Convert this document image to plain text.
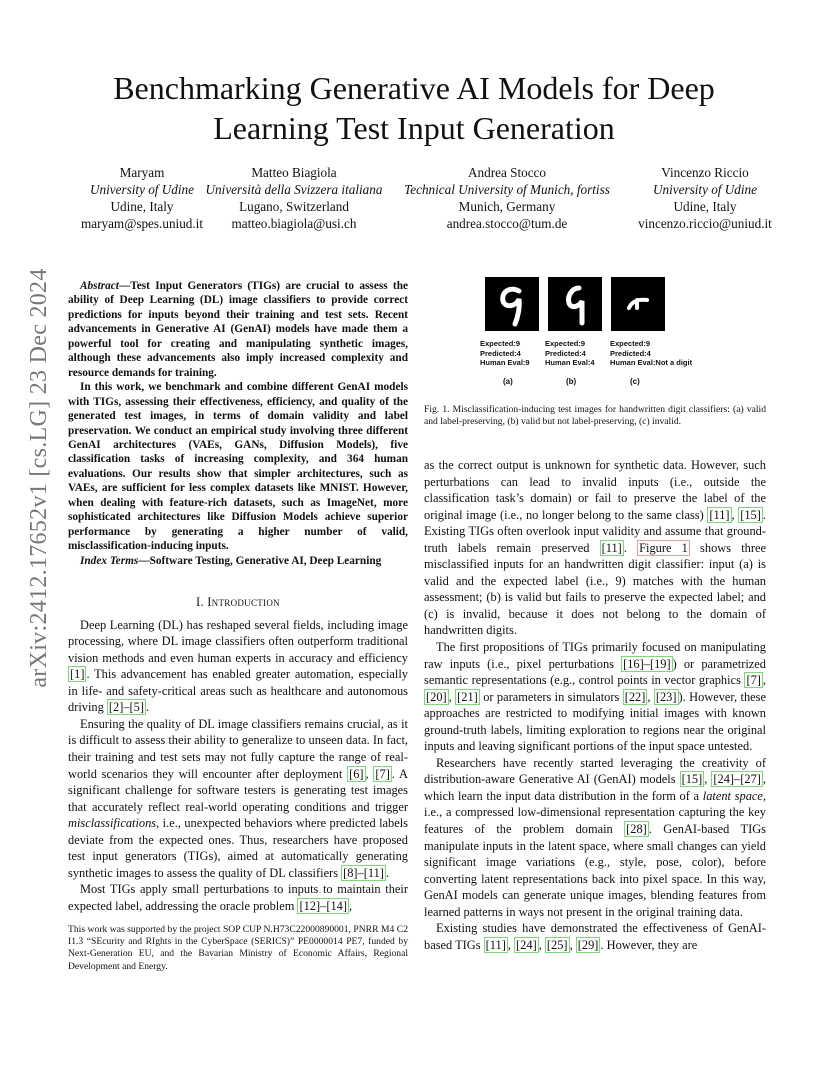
Benchmarking Generative AI Models for Deep Learning Test Input Generation
arXiv:2412.17652v1 [cs.LG] 23 Dec 2024
Maryam
University of Udine
Udine, Italy
maryam@spes.uniud.it
Matteo Biagiola
Università della Svizzera italiana
Lugano, Switzerland
matteo.biagiola@usi.ch
Andrea Stocco
Technical University of Munich, fortiss
Munich, Germany
andrea.stocco@tum.de
Vincenzo Riccio
University of Udine
Udine, Italy
vincenzo.riccio@uniud.it

Abstract—Test Input Generators (TIGs) are crucial to assess the ability of Deep Learning (DL) image classifiers to provide correct predictions for inputs beyond their training and test sets. Recent advancements in Generative AI (GenAI) models have made them a powerful tool for creating and manipulating synthetic images, although these advancements also imply increased complexity and resource demands for training.

In this work, we benchmark and combine different GenAI models with TIGs, assessing their effectiveness, efficiency, and quality of the generated test images, in terms of domain validity and label preservation. We conduct an empirical study involving three different GenAI architectures (VAEs, GANs, Diffusion Models), five classification tasks of increasing complexity, and 364 human evaluations. Our results show that simpler architectures, such as VAEs, are sufficient for less complex datasets like MNIST. However, when dealing with feature-rich datasets, such as ImageNet, more sophisticated architectures like Diffusion Models achieve superior performance by generating a higher number of valid, misclassification-inducing inputs.

Index Terms—Software Testing, Generative AI, Deep Learning

I. Introduction

Deep Learning (DL) has reshaped several fields, including image processing, where DL image classifiers often outperform traditional vision methods and even human experts in accuracy and efficiency [1] . This advancement has enabled greater automation, especially in life- and safety-critical areas such as healthcare and autonomous driving [2]–[5] .

Ensuring the quality of DL image classifiers remains crucial, as it is difficult to assess their ability to generalize to unseen data. In fact, their training and test sets may not fully capture the range of real-world scenarios they will encounter after deployment [6] , [7] . A significant challenge for software testers is generating test images that accurately reflect real-world operating conditions and trigger misclassifications, i.e., unexpected behaviors where predicted labels deviate from the expected ones. Thus, researchers have proposed test input generators (TIGs), aimed at automatically generating synthetic images to assess the quality of DL classifiers [8]–[11] .

Most TIGs apply small perturbations to inputs to maintain their expected label, addressing the oracle problem [12]–[14] ,

This work was supported by the project SOP CUP N.H73C22000890001, PNRR M4 C2 I1.3 “SEcurity and RIghts in the CyberSpace (SERICS)” PE0000014 PE7, funded by Next-Generation EU, and the Bavarian Ministry of Economic Affairs, Regional Development and Energy.
Expected:9
Predicted:4
Human Eval:9
Expected:9
Predicted:4
Human Eval:4
Expected:9
Predicted:4
Human Eval:Not a digit
(a)	(b)	(c)
Fig. 1. Misclassification-inducing test images for handwritten digit classifiers: (a) valid and label-preserving, (b) valid but not label-preserving, (c) invalid.

as the correct output is unknown for synthetic data. However, such perturbations can lead to invalid inputs (i.e., outside the classification task’s domain) or fail to preserve the label of the original image (i.e., no longer belong to the same class) [11] , [15] . Existing TIGs often overlook input validity and assume that ground-truth labels remain preserved [11] . Figure 1 shows three misclassified inputs for an handwritten digit classifier: input (a) is valid and the expected label (i.e., 9) matches with the human assessment; (b) is valid but fails to preserve the expected label; and (c) is invalid, because it does not belong to the domain of handwritten digits.

The first propositions of TIGs primarily focused on manipulating raw inputs (i.e., pixel perturbations [16]–[19] ) or parametrized semantic representations (e.g., control points in vector graphics [7] , [20] , [21] or parameters in simulators [22] , [23] ). However, these approaches are restricted to modifying initial images with known ground-truth labels, limiting exploration to regions near the original inputs and leaving significant portions of the input space untested.

Researchers have recently started leveraging the creativity of distribution-aware Generative AI (GenAI) models [15] , [24]–[27] , which learn the input data distribution in the form of a latent space, i.e., a compressed low-dimensional representation capturing the key features of the problem domain [28] . GenAI-based TIGs manipulate inputs in the latent space, where small changes can yield significant image variations (e.g., style, pose, color), before converting latent representations back into pixel space. In this way, GenAI models can generate unique images, blending features from learned patterns in ways not present in the original training data.

Existing studies have demonstrated the effectiveness of GenAI-based TIGs [11] , [24] , [25] , [29] . However, they are
